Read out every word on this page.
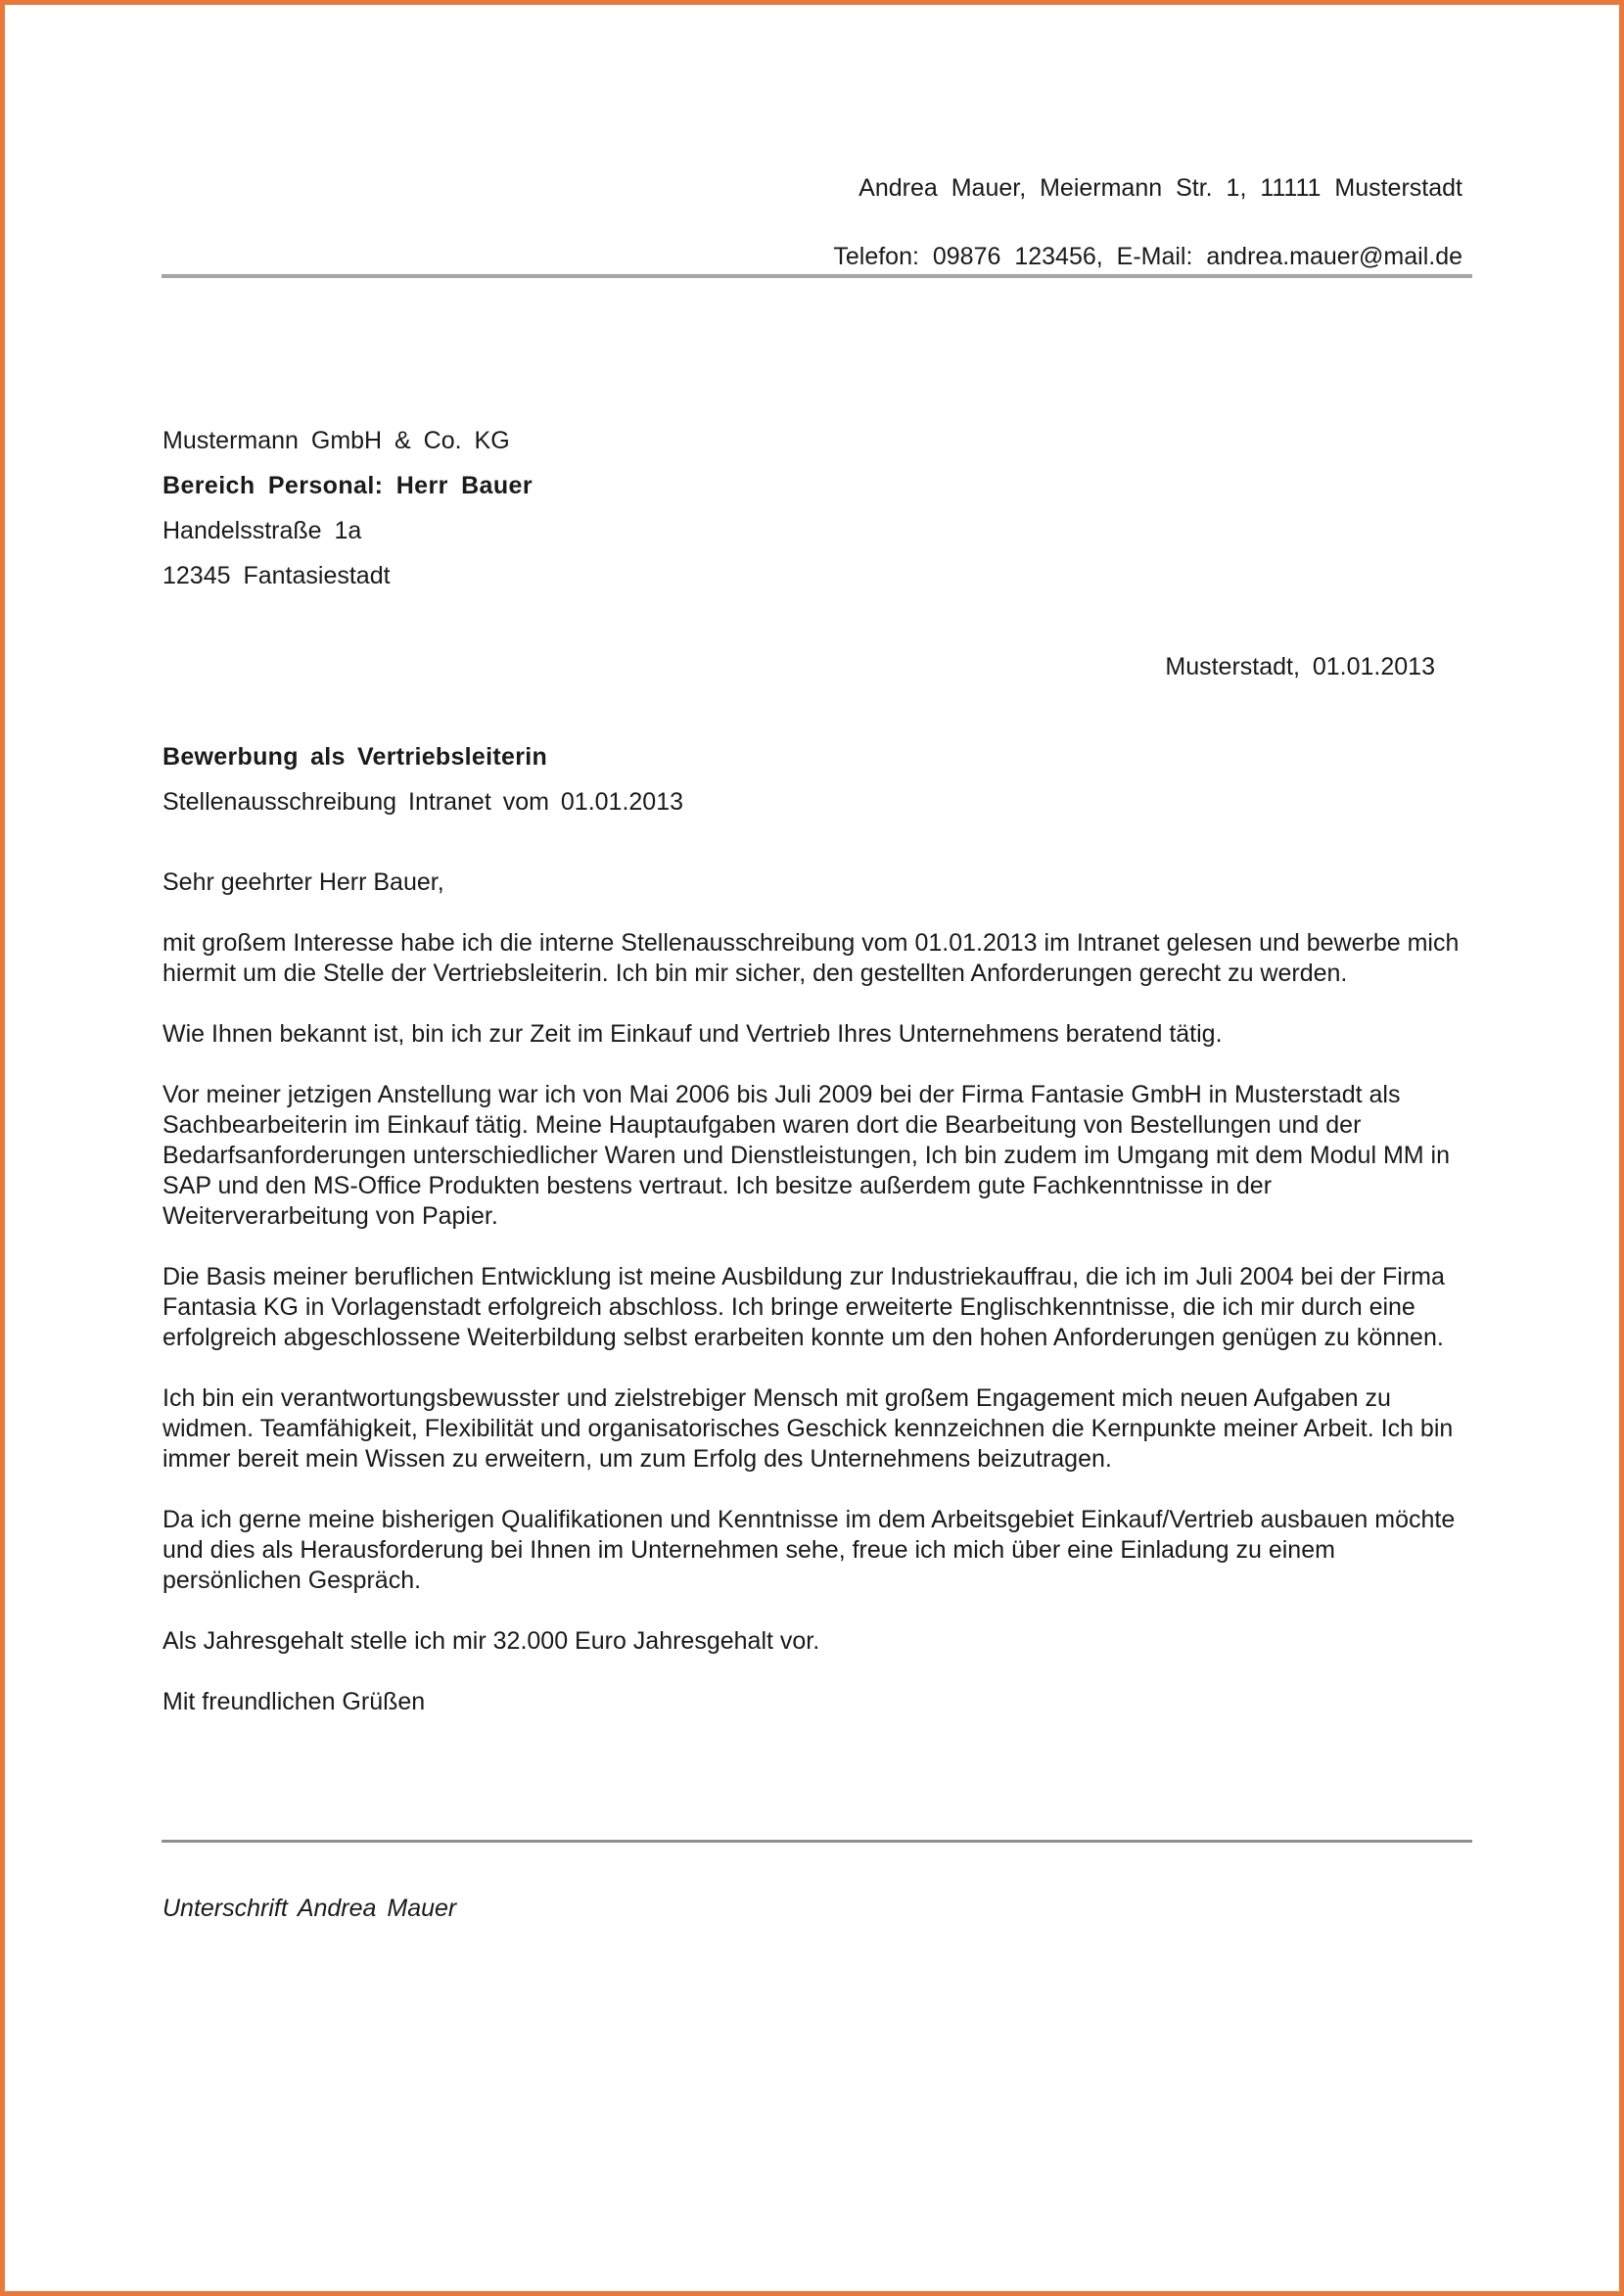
Andrea Mauer, Meiermann Str. 1, 11111 Musterstadt
Telefon: 09876 123456, E-Mail: andrea.mauer@mail.de
Mustermann GmbH & Co. KG
Bereich Personal: Herr Bauer
Handelsstraße 1a
12345 Fantasiestadt
Musterstadt, 01.01.2013
Bewerbung als Vertriebsleiterin
Stellenausschreibung Intranet vom 01.01.2013

Sehr geehrter Herr Bauer,

mit großem Interesse habe ich die interne Stellenausschreibung vom 01.01.2013 im Intranet gelesen und bewerbe mich hiermit um die Stelle der Vertriebsleiterin. Ich bin mir sicher, den gestellten Anforderungen gerecht zu werden.

Wie Ihnen bekannt ist, bin ich zur Zeit im Einkauf und Vertrieb Ihres Unternehmens beratend tätig.

Vor meiner jetzigen Anstellung war ich von Mai 2006 bis Juli 2009 bei der Firma Fantasie GmbH in Musterstadt als Sachbearbeiterin im Einkauf tätig. Meine Hauptaufgaben waren dort die Bearbeitung von Bestellungen und der Bedarfsanforderungen unterschiedlicher Waren und Dienstleistungen, Ich bin zudem im Umgang mit dem Modul MM in SAP und den MS-Office Produkten bestens vertraut. Ich besitze außerdem gute Fachkenntnisse in der Weiterverarbeitung von Papier.

Die Basis meiner beruflichen Entwicklung ist meine Ausbildung zur Industriekauffrau, die ich im Juli 2004 bei der Firma Fantasia KG in Vorlagenstadt erfolgreich abschloss. Ich bringe erweiterte Englischkenntnisse, die ich mir durch eine erfolgreich abgeschlossene Weiterbildung selbst erarbeiten konnte um den hohen Anforderungen genügen zu können.

Ich bin ein verantwortungsbewusster und zielstrebiger Mensch mit großem Engagement mich neuen Aufgaben zu widmen. Teamfähigkeit, Flexibilität und organisatorisches Geschick kennzeichnen die Kernpunkte meiner Arbeit. Ich bin immer bereit mein Wissen zu erweitern, um zum Erfolg des Unternehmens beizutragen.

Da ich gerne meine bisherigen Qualifikationen und Kenntnisse im dem Arbeitsgebiet Einkauf/Vertrieb ausbauen möchte und dies als Herausforderung bei Ihnen im Unternehmen sehe, freue ich mich über eine Einladung zu einem persönlichen Gespräch.

Als Jahresgehalt stelle ich mir 32.000 Euro Jahresgehalt vor.

Mit freundlichen Grüßen

Unterschrift Andrea Mauer
